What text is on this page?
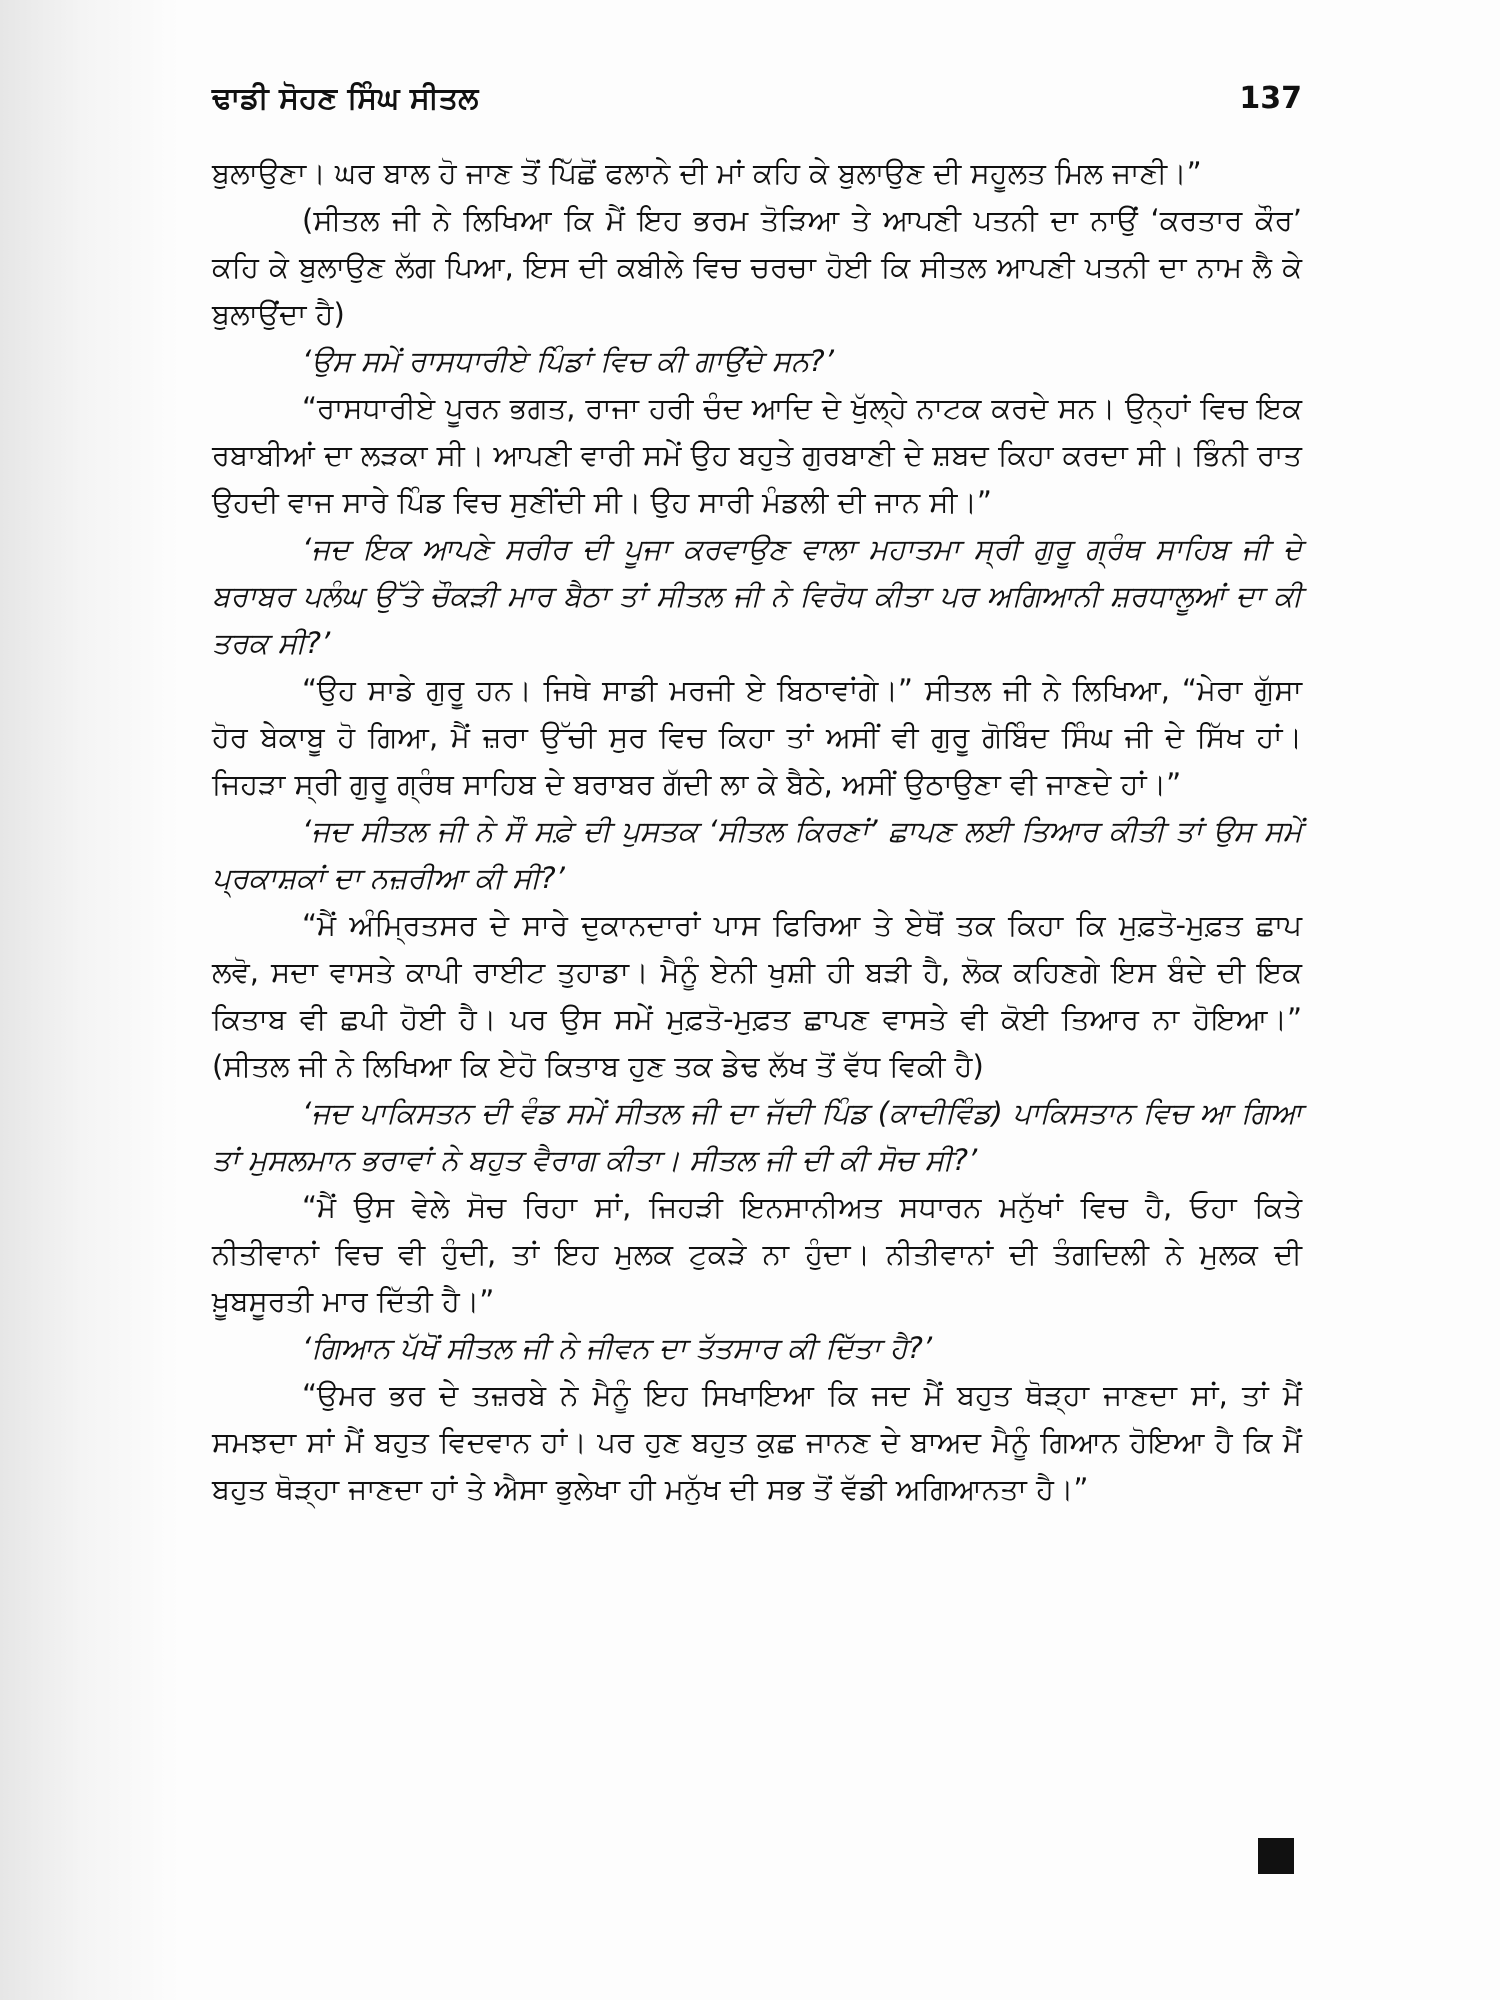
ਢਾਡੀ ਸੋਹਣ ਸਿੰਘ ਸੀਤਲ	137

ਬੁਲਾਉਣਾ। ਘਰ ਬਾਲ ਹੋ ਜਾਣ ਤੋਂ ਪਿੱਛੋਂ ਫਲਾਨੇ ਦੀ ਮਾਂ ਕਹਿ ਕੇ ਬੁਲਾਉਣ ਦੀ ਸਹੂਲਤ ਮਿਲ ਜਾਣੀ।”

(ਸੀਤਲ ਜੀ ਨੇ ਲਿਖਿਆ ਕਿ ਮੈਂ ਇਹ ਭਰਮ ਤੋੜਿਆ ਤੇ ਆਪਣੀ ਪਤਨੀ ਦਾ ਨਾਉਂ ‘ਕਰਤਾਰ ਕੌਰ’ ਕਹਿ ਕੇ ਬੁਲਾਉਣ ਲੱਗ ਪਿਆ, ਇਸ ਦੀ ਕਬੀਲੇ ਵਿਚ ਚਰਚਾ ਹੋਈ ਕਿ ਸੀਤਲ ਆਪਣੀ ਪਤਨੀ ਦਾ ਨਾਮ ਲੈ ਕੇ ਬੁਲਾਉਂਦਾ ਹੈ)

‘ਉਸ ਸਮੇਂ ਰਾਸਧਾਰੀਏ ਪਿੰਡਾਂ ਵਿਚ ਕੀ ਗਾਉਂਦੇ ਸਨ?’

“ਰਾਸਧਾਰੀਏ ਪੂਰਨ ਭਗਤ, ਰਾਜਾ ਹਰੀ ਚੰਦ ਆਦਿ ਦੇ ਖੁੱਲ੍ਹੇ ਨਾਟਕ ਕਰਦੇ ਸਨ। ਉਨ੍ਹਾਂ ਵਿਚ ਇਕ ਰਬਾਬੀਆਂ ਦਾ ਲੜਕਾ ਸੀ। ਆਪਣੀ ਵਾਰੀ ਸਮੇਂ ਉਹ ਬਹੁਤੇ ਗੁਰਬਾਣੀ ਦੇ ਸ਼ਬਦ ਕਿਹਾ ਕਰਦਾ ਸੀ। ਭਿੰਨੀ ਰਾਤ ਉਹਦੀ ਵਾਜ ਸਾਰੇ ਪਿੰਡ ਵਿਚ ਸੁਣੀਂਦੀ ਸੀ। ਉਹ ਸਾਰੀ ਮੰਡਲੀ ਦੀ ਜਾਨ ਸੀ।”

‘ਜਦ ਇਕ ਆਪਣੇ ਸਰੀਰ ਦੀ ਪੂਜਾ ਕਰਵਾਉਣ ਵਾਲਾ ਮਹਾਤਮਾ ਸ੍ਰੀ ਗੁਰੂ ਗ੍ਰੰਥ ਸਾਹਿਬ ਜੀ ਦੇ ਬਰਾਬਰ ਪਲੰਘ ਉੱਤੇ ਚੌਕੜੀ ਮਾਰ ਬੈਠਾ ਤਾਂ ਸੀਤਲ ਜੀ ਨੇ ਵਿਰੋਧ ਕੀਤਾ ਪਰ ਅਗਿਆਨੀ ਸ਼ਰਧਾਲੂਆਂ ਦਾ ਕੀ ਤਰਕ ਸੀ?’

“ਉਹ ਸਾਡੇ ਗੁਰੂ ਹਨ। ਜਿਥੇ ਸਾਡੀ ਮਰਜੀ ਏ ਬਿਠਾਵਾਂਗੇ।” ਸੀਤਲ ਜੀ ਨੇ ਲਿਖਿਆ, “ਮੇਰਾ ਗੁੱਸਾ ਹੋਰ ਬੇਕਾਬੂ ਹੋ ਗਿਆ, ਮੈਂ ਜ਼ਰਾ ਉੱਚੀ ਸੁਰ ਵਿਚ ਕਿਹਾ ਤਾਂ ਅਸੀਂ ਵੀ ਗੁਰੂ ਗੋਬਿੰਦ ਸਿੰਘ ਜੀ ਦੇ ਸਿੱਖ ਹਾਂ। ਜਿਹੜਾ ਸ੍ਰੀ ਗੁਰੂ ਗ੍ਰੰਥ ਸਾਹਿਬ ਦੇ ਬਰਾਬਰ ਗੱਦੀ ਲਾ ਕੇ ਬੈਠੇ, ਅਸੀਂ ਉਠਾਉਣਾ ਵੀ ਜਾਣਦੇ ਹਾਂ।”

‘ਜਦ ਸੀਤਲ ਜੀ ਨੇ ਸੌ ਸਫ਼ੇ ਦੀ ਪੁਸਤਕ ‘ਸੀਤਲ ਕਿਰਣਾਂ’ ਛਾਪਣ ਲਈ ਤਿਆਰ ਕੀਤੀ ਤਾਂ ਉਸ ਸਮੇਂ ਪ੍ਰਕਾਸ਼ਕਾਂ ਦਾ ਨਜ਼ਰੀਆ ਕੀ ਸੀ?’

“ਮੈਂ ਅੰਮ੍ਰਿਤਸਰ ਦੇ ਸਾਰੇ ਦੁਕਾਨਦਾਰਾਂ ਪਾਸ ਫਿਰਿਆ ਤੇ ਏਥੋਂ ਤਕ ਕਿਹਾ ਕਿ ਮੁਫ਼ਤੋ-ਮੁਫ਼ਤ ਛਾਪ ਲਵੋ, ਸਦਾ ਵਾਸਤੇ ਕਾਪੀ ਰਾਈਟ ਤੁਹਾਡਾ। ਮੈਨੂੰ ਏਨੀ ਖੁਸ਼ੀ ਹੀ ਬੜੀ ਹੈ, ਲੋਕ ਕਹਿਣਗੇ ਇਸ ਬੰਦੇ ਦੀ ਇਕ ਕਿਤਾਬ ਵੀ ਛਪੀ ਹੋਈ ਹੈ। ਪਰ ਉਸ ਸਮੇਂ ਮੁਫ਼ਤੋ-ਮੁਫ਼ਤ ਛਾਪਣ ਵਾਸਤੇ ਵੀ ਕੋਈ ਤਿਆਰ ਨਾ ਹੋਇਆ।” (ਸੀਤਲ ਜੀ ਨੇ ਲਿਖਿਆ ਕਿ ਏਹੋ ਕਿਤਾਬ ਹੁਣ ਤਕ ਡੇਢ ਲੱਖ ਤੋਂ ਵੱਧ ਵਿਕੀ ਹੈ)

‘ਜਦ ਪਾਕਿਸਤਨ ਦੀ ਵੰਡ ਸਮੇਂ ਸੀਤਲ ਜੀ ਦਾ ਜੱਦੀ ਪਿੰਡ (ਕਾਦੀਵਿੰਡ) ਪਾਕਿਸਤਾਨ ਵਿਚ ਆ ਗਿਆ ਤਾਂ ਮੁਸਲਮਾਨ ਭਰਾਵਾਂ ਨੇ ਬਹੁਤ ਵੈਰਾਗ ਕੀਤਾ। ਸੀਤਲ ਜੀ ਦੀ ਕੀ ਸੋਚ ਸੀ?’

“ਮੈਂ ਉਸ ਵੇਲੇ ਸੋਚ ਰਿਹਾ ਸਾਂ, ਜਿਹੜੀ ਇਨਸਾਨੀਅਤ ਸਧਾਰਨ ਮਨੁੱਖਾਂ ਵਿਚ ਹੈ, ਓਹਾ ਕਿਤੇ ਨੀਤੀਵਾਨਾਂ ਵਿਚ ਵੀ ਹੁੰਦੀ, ਤਾਂ ਇਹ ਮੁਲਕ ਟੁਕੜੇ ਨਾ ਹੁੰਦਾ। ਨੀਤੀਵਾਨਾਂ ਦੀ ਤੰਗਦਿਲੀ ਨੇ ਮੁਲਕ ਦੀ ਖ਼ੂਬਸੂਰਤੀ ਮਾਰ ਦਿੱਤੀ ਹੈ।”

‘ਗਿਆਨ ਪੱਖੋਂ ਸੀਤਲ ਜੀ ਨੇ ਜੀਵਨ ਦਾ ਤੱਤਸਾਰ ਕੀ ਦਿੱਤਾ ਹੈ?’

“ਉਮਰ ਭਰ ਦੇ ਤਜ਼ਰਬੇ ਨੇ ਮੈਨੂੰ ਇਹ ਸਿਖਾਇਆ ਕਿ ਜਦ ਮੈਂ ਬਹੁਤ ਥੋੜ੍ਹਾ ਜਾਣਦਾ ਸਾਂ, ਤਾਂ ਮੈਂ ਸਮਝਦਾ ਸਾਂ ਮੈਂ ਬਹੁਤ ਵਿਦਵਾਨ ਹਾਂ। ਪਰ ਹੁਣ ਬਹੁਤ ਕੁਛ ਜਾਨਣ ਦੇ ਬਾਅਦ ਮੈਨੂੰ ਗਿਆਨ ਹੋਇਆ ਹੈ ਕਿ ਮੈਂ ਬਹੁਤ ਥੋੜ੍ਹਾ ਜਾਣਦਾ ਹਾਂ ਤੇ ਐਸਾ ਭੁਲੇਖਾ ਹੀ ਮਨੁੱਖ ਦੀ ਸਭ ਤੋਂ ਵੱਡੀ ਅਗਿਆਨਤਾ ਹੈ।”
